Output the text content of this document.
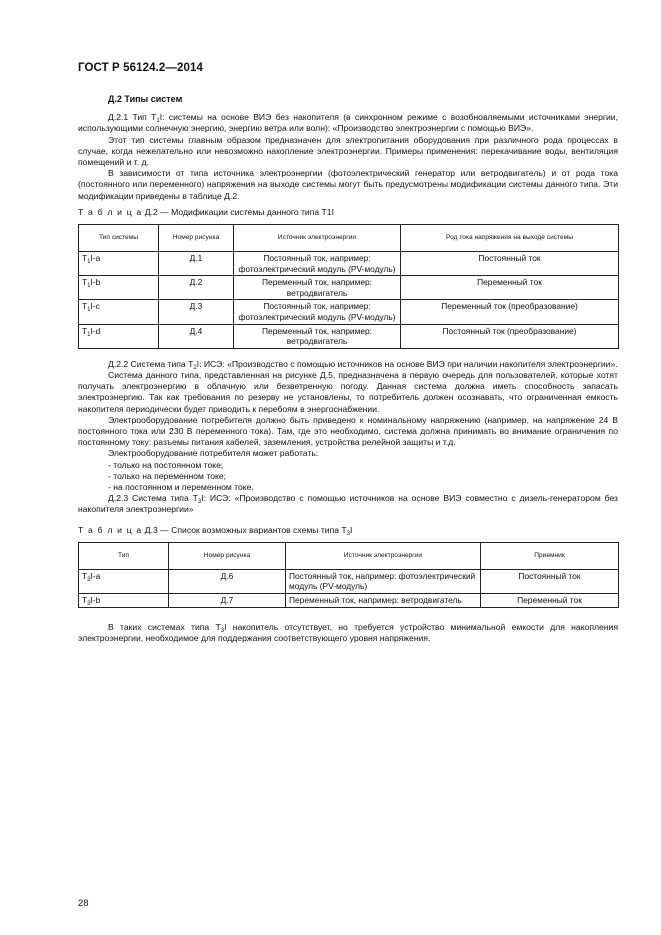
ГОСТ Р 56124.2—2014
Д.2 Типы систем

Д.2.1 Тип $T_1I$: системы на основе ВИЭ без накопителя (в синхронном режиме с возобновляемыми источниками энергии, использующими солнечную энергию, энергию ветра или волн): «Производство электроэнергии с помощью ВИЭ».

Этот тип системы главным образом предназначен для электропитания оборудования при различного рода процессах в случае, когда нежелательно или невозможно накопление электроэнергии. Примеры применения: перекачивание воды, вентиляция помещений и т. д.

В зависимости от типа источника электроэнергии (фотоэлектрический генератор или ветродвигатель) и от рода тока (постоянного или переменного) напряжения на выходе системы могут быть предусмотрены модификации системы данного типа. Эти модификации приведены в таблице Д.2.

Т а б л и ц а Д.2 — Модификации системы данного типа T1I
Тип системы	Номер рисунка	Источник электроэнергии	Род тока напряжения на выходе системы
$T_1I-a$	Д.1	Постоянный ток, например: фотоэлектрический модуль (PV-модуль)	Постоянный ток
$T_1I-b$	Д.2	Переменный ток, например: ветродвигатель	Переменный ток
$T_1I-c$	Д.3	Постоянный ток, например: фотоэлектрический модуль (PV-модуль)	Переменный ток (преобразование)
$T_1I-d$	Д.4	Переменный ток, например: ветродвигатель	Постоянный ток (преобразование)

Д.2.2 Система типа $T_2I$: ИСЭ: «Производство с помощью источников на основе ВИЭ при наличии накопителя электроэнергии».

Система данного типа, представленная на рисунке Д.5, предназначена в первую очередь для пользователей, которые хотят получать электроэнергию в облачную или безветренную погоду. Данная система должна иметь способность запасать электроэнергию. Так как требования по резерву не установлены, то потребитель должен осознавать, что ограниченная емкость накопителя периодически будет приводить к перебоям в энергоснабжении.

Электрооборудование потребителя должно быть приведено к номинальному напряжению (например, на напряжение 24 В постоянного тока или 230 В переменного тока). Там, где это необходимо, система должна принимать во внимание ограничения по постоянному току: разъемы питания кабелей, заземления, устройства релейной защиты и т.д.

Электрооборудование потребителя может работать:

- только на постоянном токе;
- только на переменном токе;
- на постоянном и переменном токе.

Д.2.3 Система типа $T_3I$: ИСЭ: «Производство с помощью источников на основе ВИЭ совместно с дизель-генератором без накопителя электроэнергии»

Т а б л и ц а Д.3 — Список возможных вариантов схемы типа $T_3I$
Тип	Номер рисунка	Источник электроэнергии	Приемник
$T_3I-a$	Д.6	Постоянный ток, например: фотоэлектрический модуль (PV-модуль)	Постоянный ток
$T_3I-b$	Д.7	Переменный ток, например: ветродвигатель	Переменный ток

В таких системах типа $T_3I$ накопитель отсутствует, но требуется устройство минимальной емкости для накопления электроэнергии, необходимое для поддержания соответствующего уровня напряжения.

28
